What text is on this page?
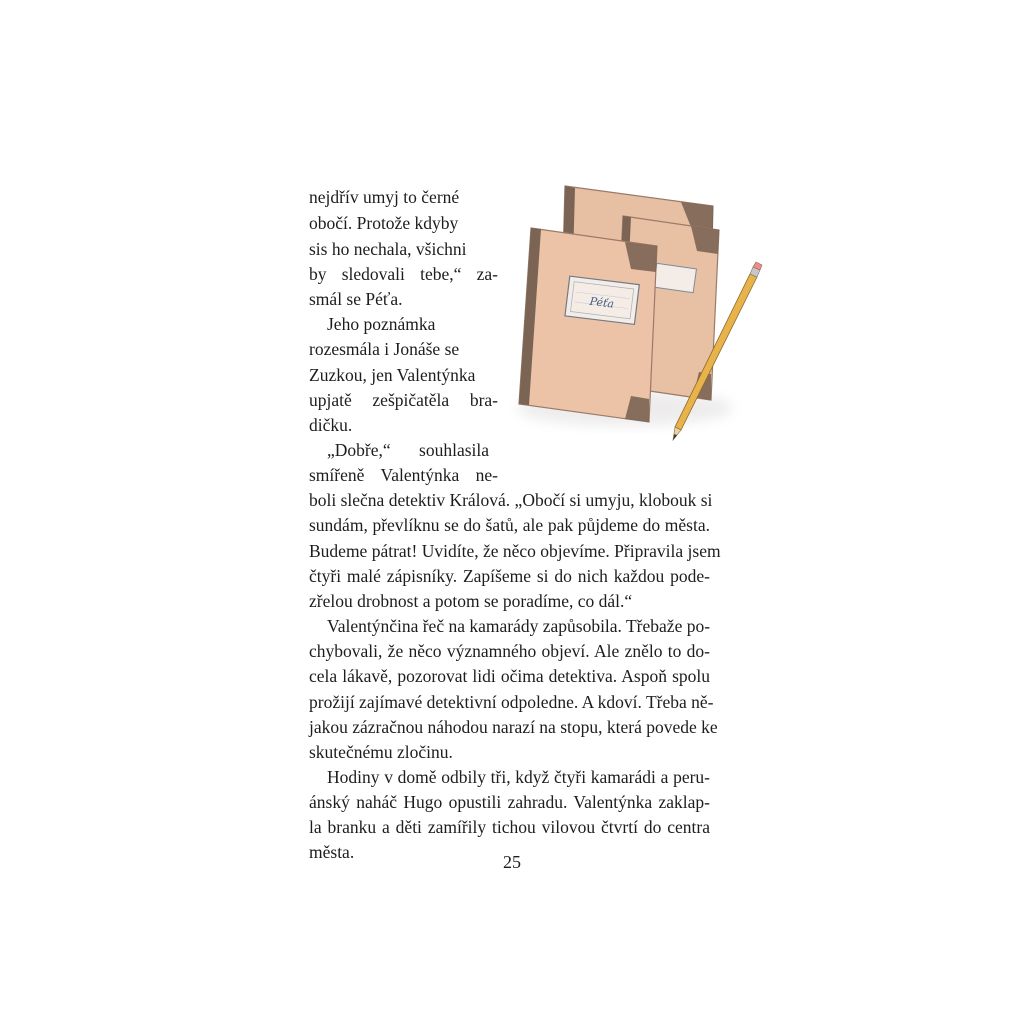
nejdřív umyj to černé
obočí. Protože kdyby
sis ho nechala, všichni
by sledovali tebe,“ za-
smál se Péťa.
Jeho poznámka
rozesmála i Jonáše se
Zuzkou, jen Valentýnka
upjatě zešpičatěla bra-
dičku.
„Dobře,“ souhlasila
smířeně Valentýnka ne-
boli slečna detektiv Králová. „Obočí si umyju, klobouk si
sundám, převlíknu se do šatů, ale pak půjdeme do města.
Budeme pátrat! Uvidíte, že něco objevíme. Připravila jsem
čtyři malé zápisníky. Zapíšeme si do nich každou pode-
zřelou drobnost a potom se poradíme, co dál.“
Valentýnčina řeč na kamarády zapůsobila. Třebaže po-
chybovali, že něco významného objeví. Ale znělo to do-
cela lákavě, pozorovat lidi očima detektiva. Aspoň spolu
prožijí zajímavé detektivní odpoledne. A kdoví. Třeba ně-
jakou zázračnou náhodou narazí na stopu, která povede ke
skutečnému zločinu.
Hodiny v domě odbily tři, když čtyři kamarádi a peru-
ánský naháč Hugo opustili zahradu. Valentýnka zaklap-
la branku a děti zamířily tichou vilovou čtvrtí do centra
města.
Péťa
25
